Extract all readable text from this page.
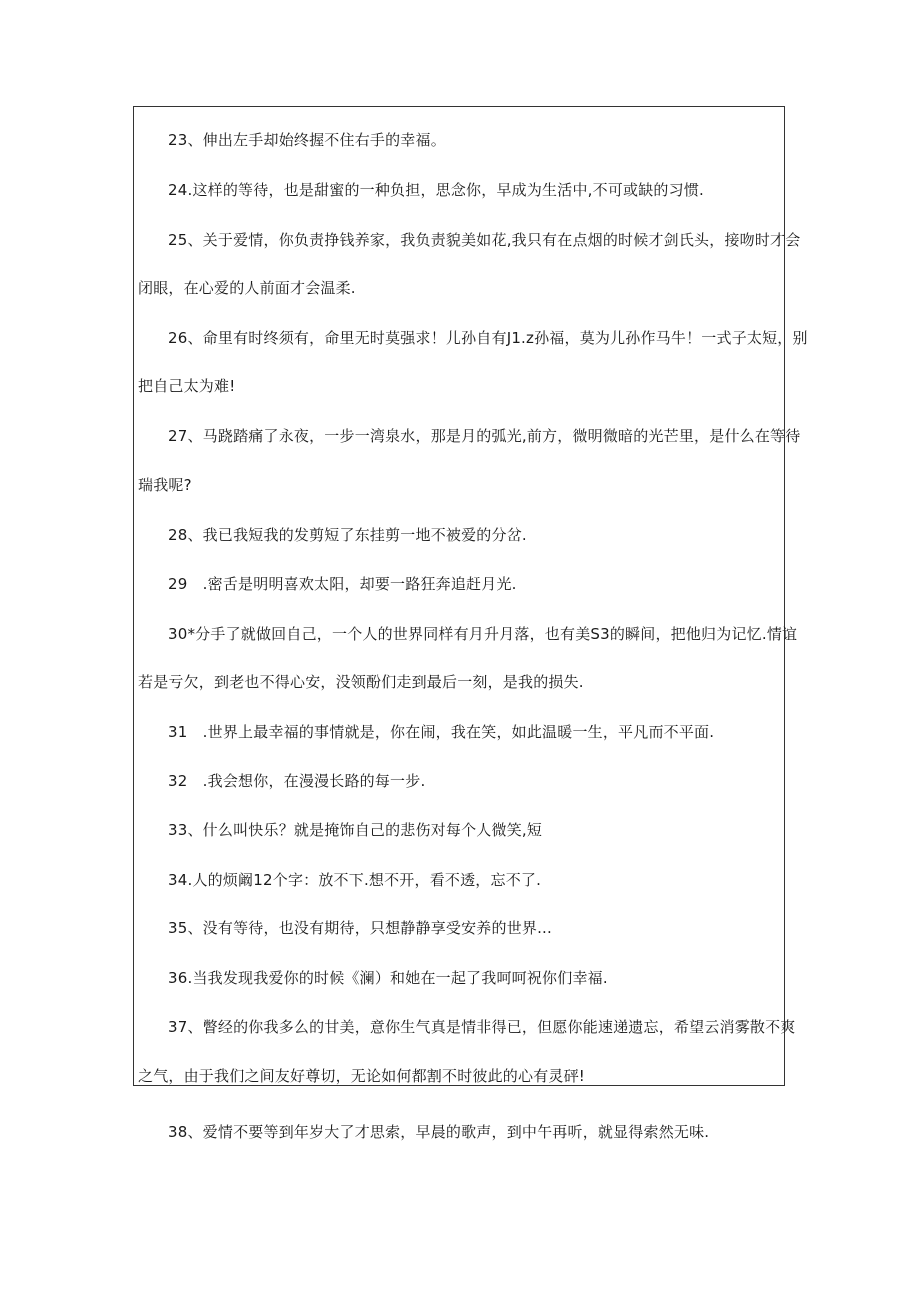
23、伸出左手却始终握不住右手的幸福。
24.这样的等待，也是甜蜜的一种负担，思念你，早成为生活中,不可或缺的习惯.
25、关于爱情，你负责挣钱养家，我负责貌美如花,我只有在点烟的时候才剑氏头，接吻时才会
闭眼，在心爱的人前面才会温柔.
26、命里有时终须有，命里无时莫强求！儿孙自有J1.z孙福，莫为儿孙作马牛！一式子太短，别
把自己太为难!
27、马跷踏痛了永夜，一步一湾泉水，那是月的弧光,前方，微明微暗的光芒里，是什么在等待
瑞我呢?
28、我已我短我的发剪短了东挂剪一地不被爱的分岔.
29　.密舌是明明喜欢太阳，却要一路狂奔追赶月光.
30*分手了就做回自己，一个人的世界同样有月升月落，也有美S3的瞬间，把他归为记忆.情谊
若是亏欠，到老也不得心安，没领酚们走到最后一刻，是我的损失.
31　.世界上最幸福的事情就是，你在闹，我在笑，如此温暖一生，平凡而不平面.
32　.我会想你，在漫漫长路的每一步.
33、什么叫快乐？就是掩饰自己的悲伤对每个人微笑,短
34.人的烦阚12个字：放不下.想不开，看不透，忘不了.
35、没有等待，也没有期待，只想静静享受安养的世界...
36.当我发现我爱你的时候《澜）和她在一起了我呵呵祝你们幸福.
37、瞥经的你我多么的甘美，意你生气真是情非得已，但愿你能速递遗忘，希望云消雾散不爽
之气，由于我们之间友好尊切，无论如何都割不时彼此的心有灵砰!
38、爱情不要等到年岁大了才思索，早晨的歌声，到中午再听，就显得索然无味.
